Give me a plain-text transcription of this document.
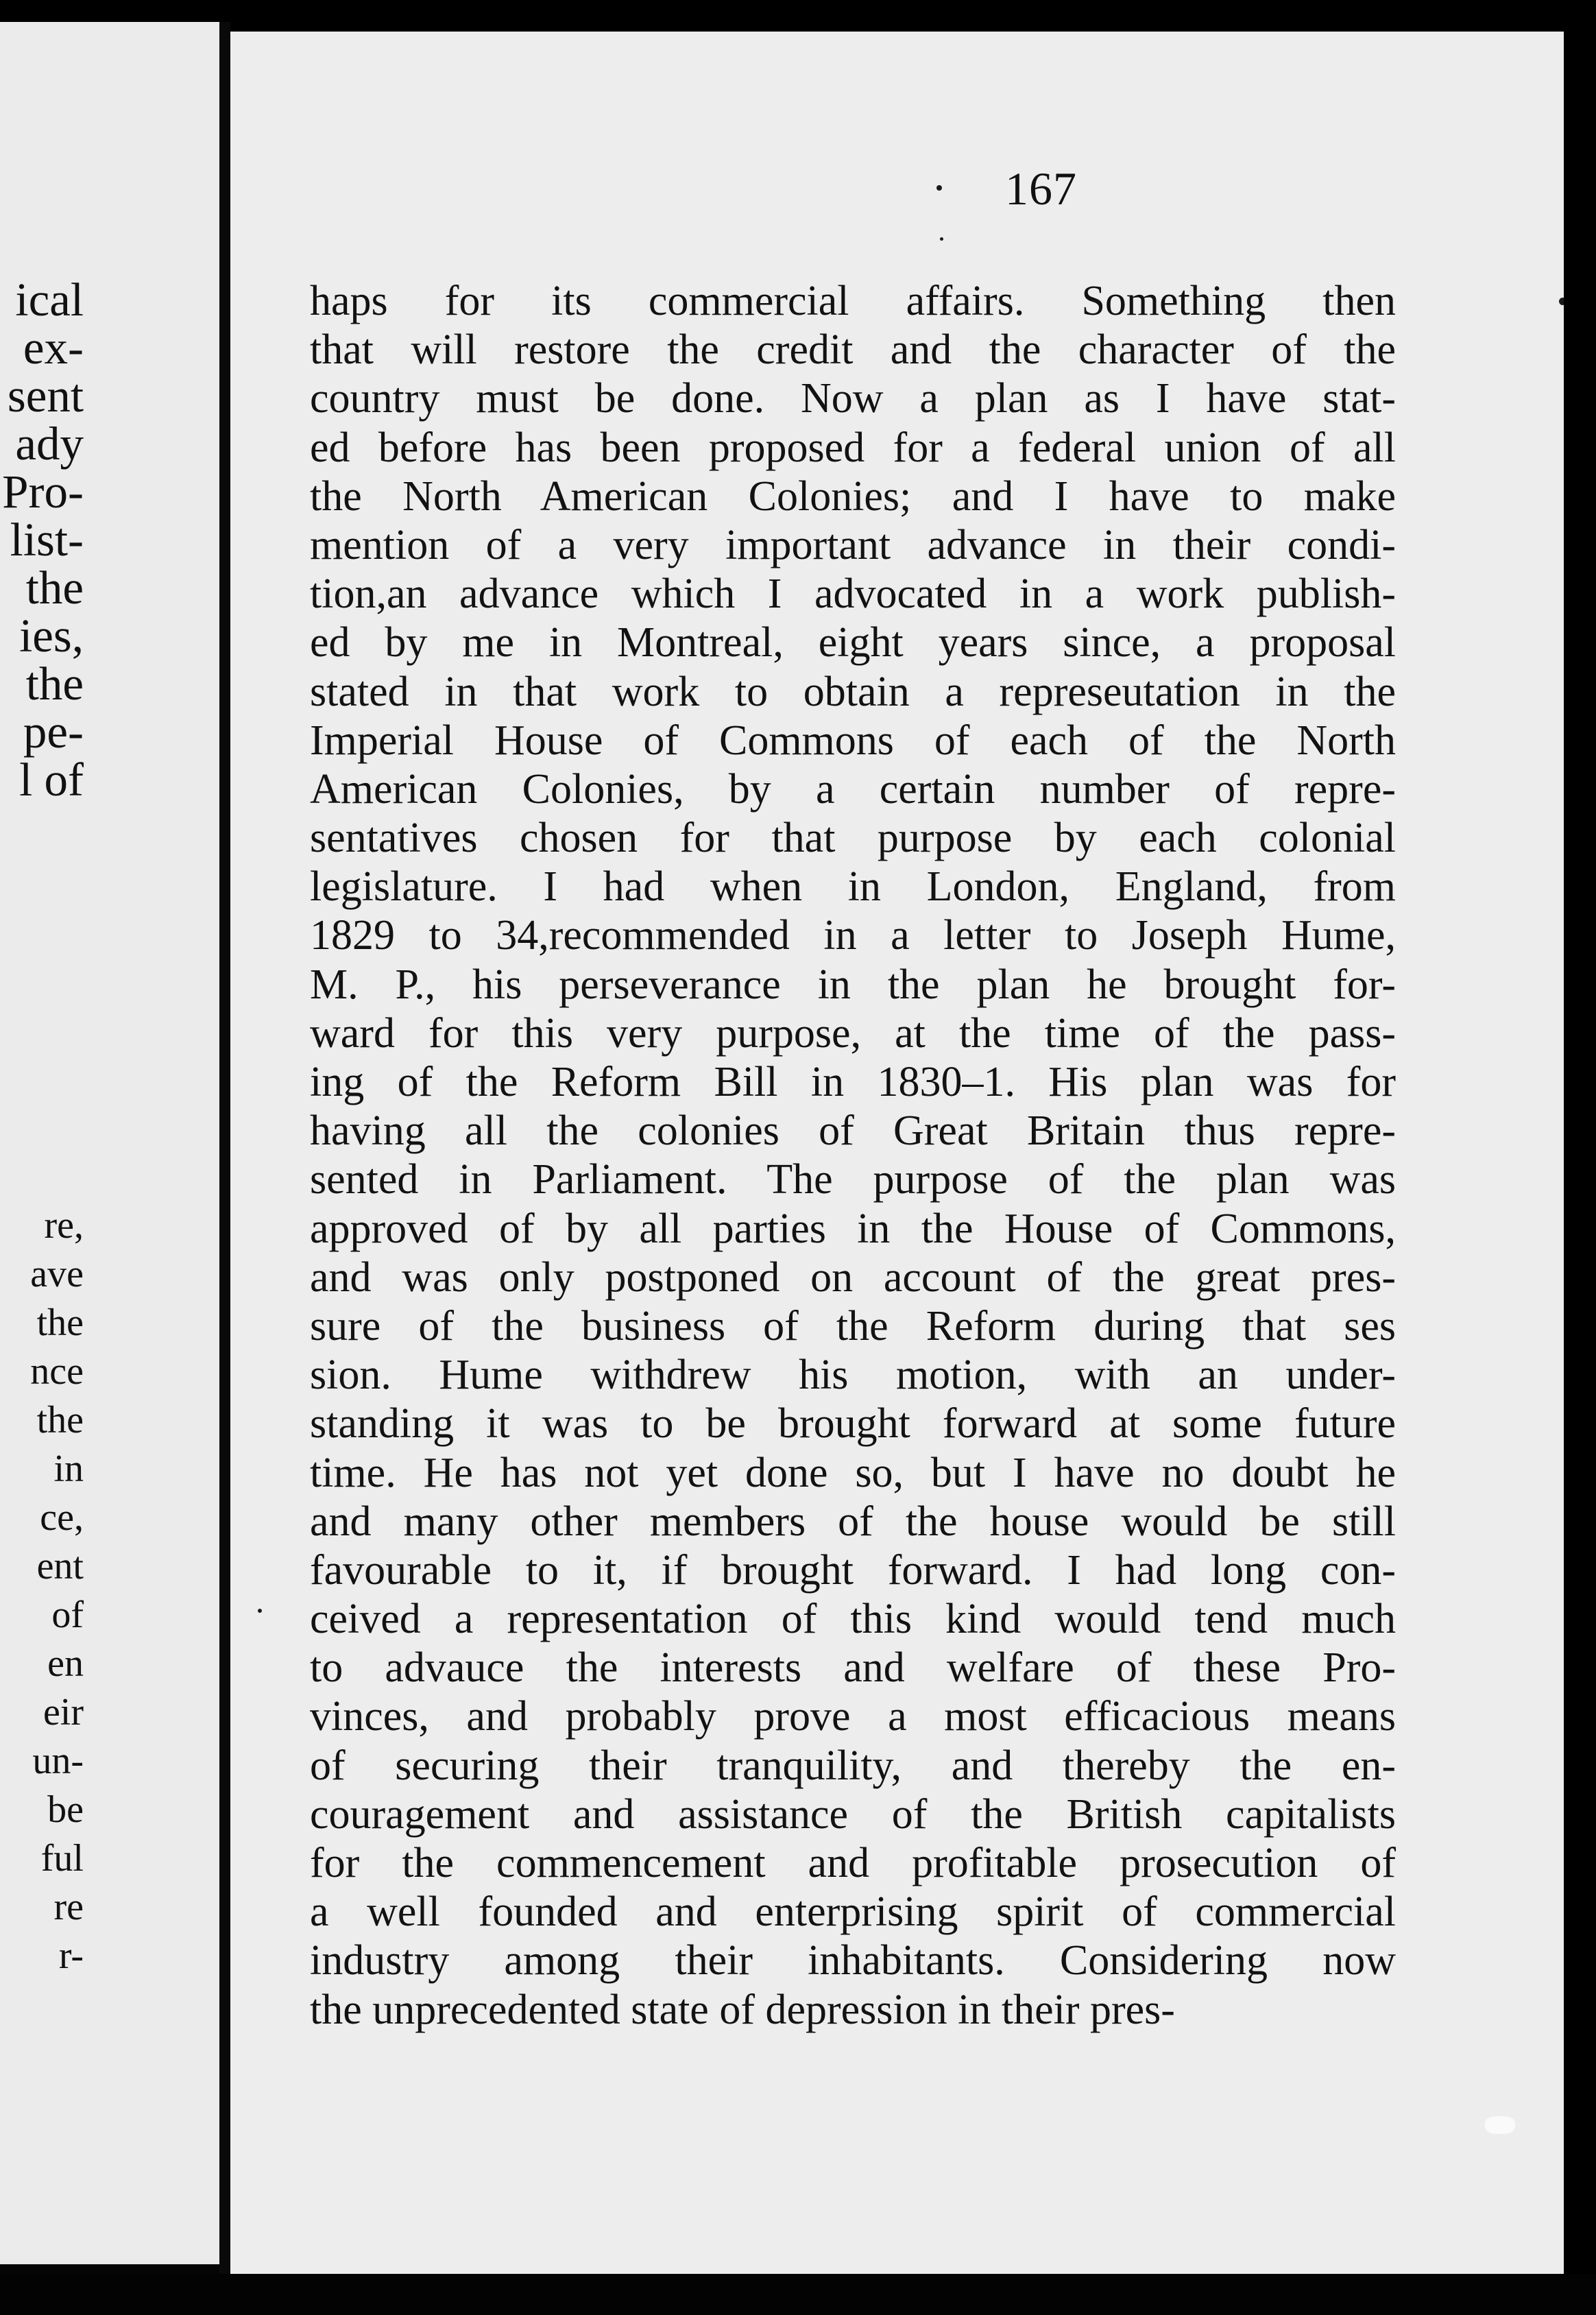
ical
ex-
sent
ady
Pro-
list-
the
ies,
the
pe-
l of
re,
ave
the
nce
the
in
ce,
ent
of
en
eir
un-
be
ful
re
r-

167

haps for its commercial affairs. Something then
that will restore the credit and the character of the
country must be done. Now a plan as I have stat-
ed before has been proposed for a federal union of all
the North American Colonies; and I have to make
mention of a very important advance in their condi-
tion,an advance which I advocated in a work publish-
ed by me in Montreal, eight years since, a proposal
stated in that work to obtain a represeutation in the
Imperial House of Commons of each of the North
American Colonies, by a certain number of repre-
sentatives chosen for that purpose by each colonial
legislature. I had when in London, England, from
1829 to 34,recommended in a letter to Joseph Hume,
M. P., his perseverance in the plan he brought for-
ward for this very purpose, at the time of the pass-
ing of the Reform Bill in 1830–1. His plan was for
having all the colonies of Great Britain thus repre-
sented in Parliament. The purpose of the plan was
approved of by all parties in the House of Commons,
and was only postponed on account of the great pres-
sure of the business of the Reform during that ses
sion. Hume withdrew his motion, with an under-
standing it was to be brought forward at some future
time. He has not yet done so, but I have no doubt he
and many other members of the house would be still
favourable to it, if brought forward. I had long con-
ceived a representation of this kind would tend much
to advauce the interests and welfare of these Pro-
vinces, and probably prove a most efficacious means
of securing their tranquility, and thereby the en-
couragement and assistance of the British capitalists
for the commencement and profitable prosecution of
a well founded and enterprising spirit of commercial
industry among their inhabitants. Considering now
the unprecedented state of depression in their pres-
